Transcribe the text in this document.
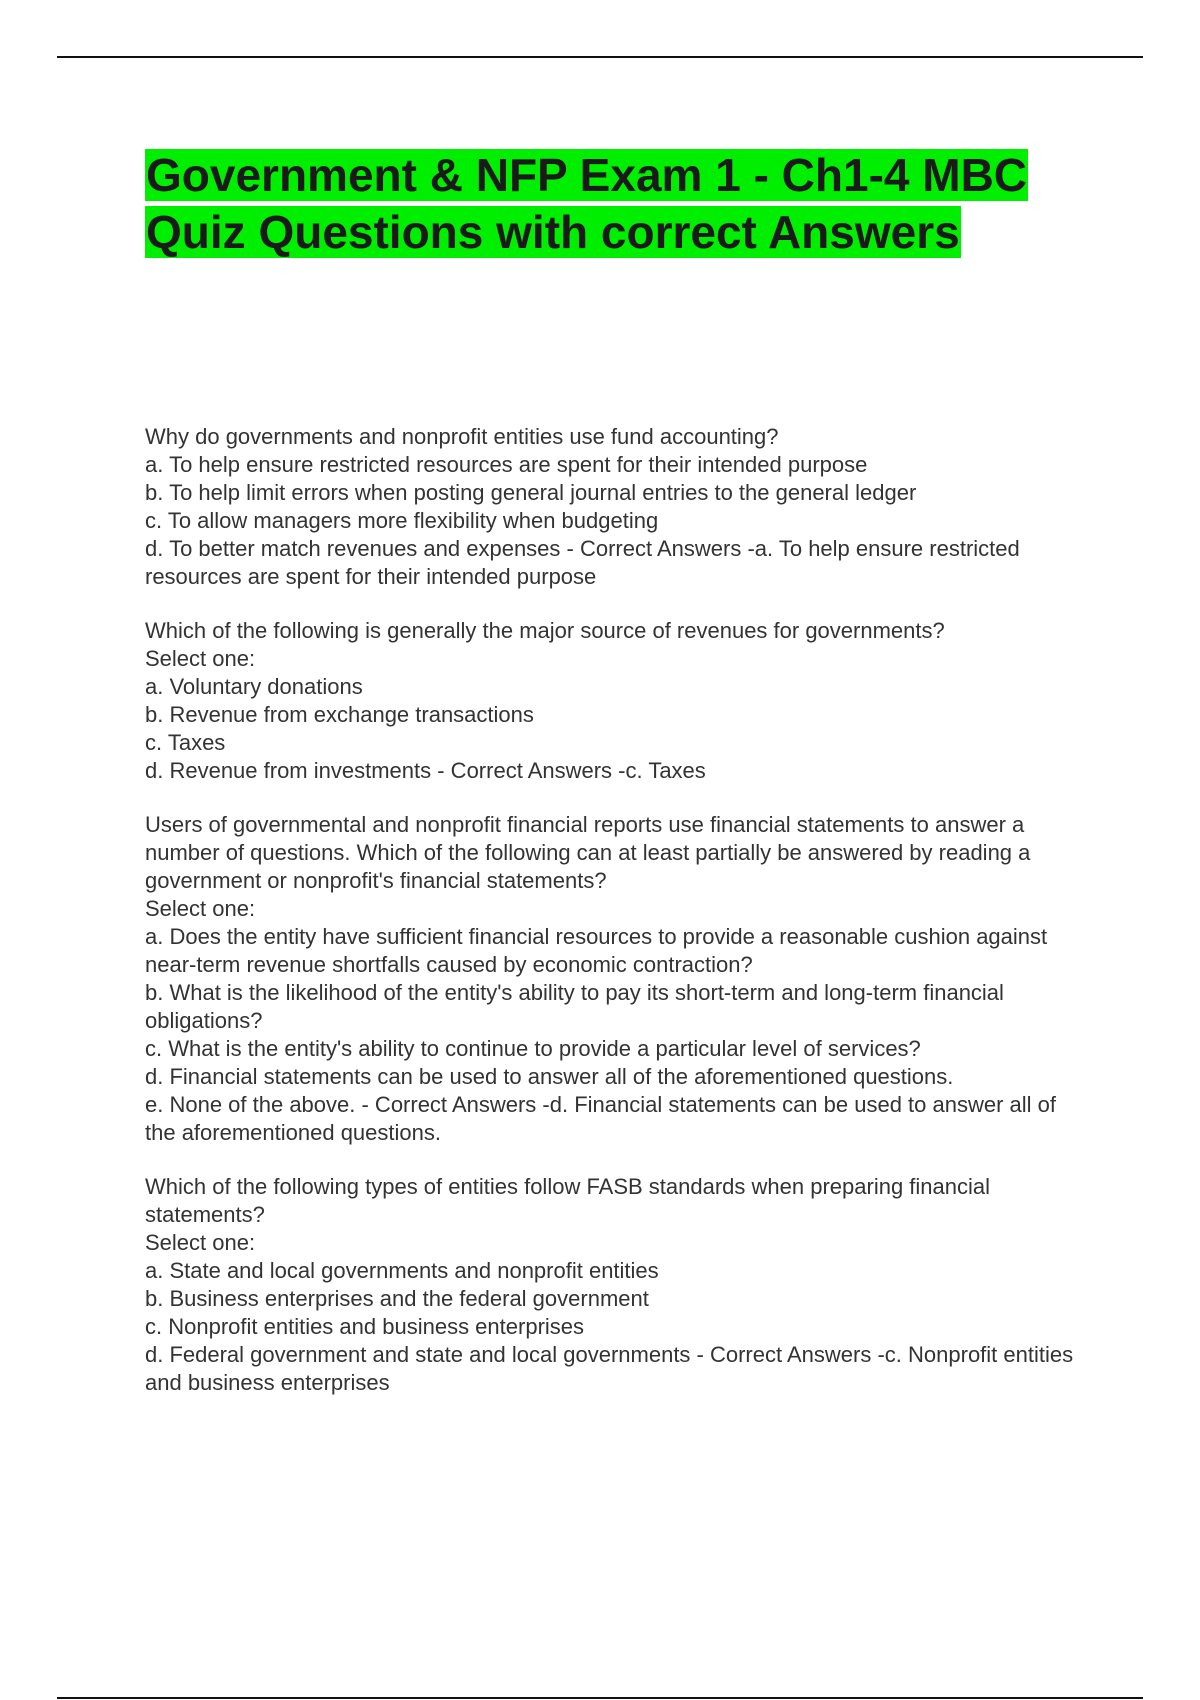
Government & NFP Exam 1 - Ch1-4 MBC Quiz Questions with correct Answers
Why do governments and nonprofit entities use fund accounting?
a. To help ensure restricted resources are spent for their intended purpose
b. To help limit errors when posting general journal entries to the general ledger
c. To allow managers more flexibility when budgeting
d. To better match revenues and expenses - Correct Answers -a. To help ensure restricted resources are spent for their intended purpose
Which of the following is generally the major source of revenues for governments?
Select one:
a. Voluntary donations
b. Revenue from exchange transactions
c. Taxes
d. Revenue from investments - Correct Answers -c. Taxes
Users of governmental and nonprofit financial reports use financial statements to answer a number of questions. Which of the following can at least partially be answered by reading a government or nonprofit's financial statements?
Select one:
a. Does the entity have sufficient financial resources to provide a reasonable cushion against near-term revenue shortfalls caused by economic contraction?
b. What is the likelihood of the entity's ability to pay its short-term and long-term financial obligations?
c. What is the entity's ability to continue to provide a particular level of services?
d. Financial statements can be used to answer all of the aforementioned questions.
e. None of the above. - Correct Answers -d. Financial statements can be used to answer all of the aforementioned questions.
Which of the following types of entities follow FASB standards when preparing financial statements?
Select one:
a. State and local governments and nonprofit entities
b. Business enterprises and the federal government
c. Nonprofit entities and business enterprises
d. Federal government and state and local governments - Correct Answers -c. Nonprofit entities and business enterprises
